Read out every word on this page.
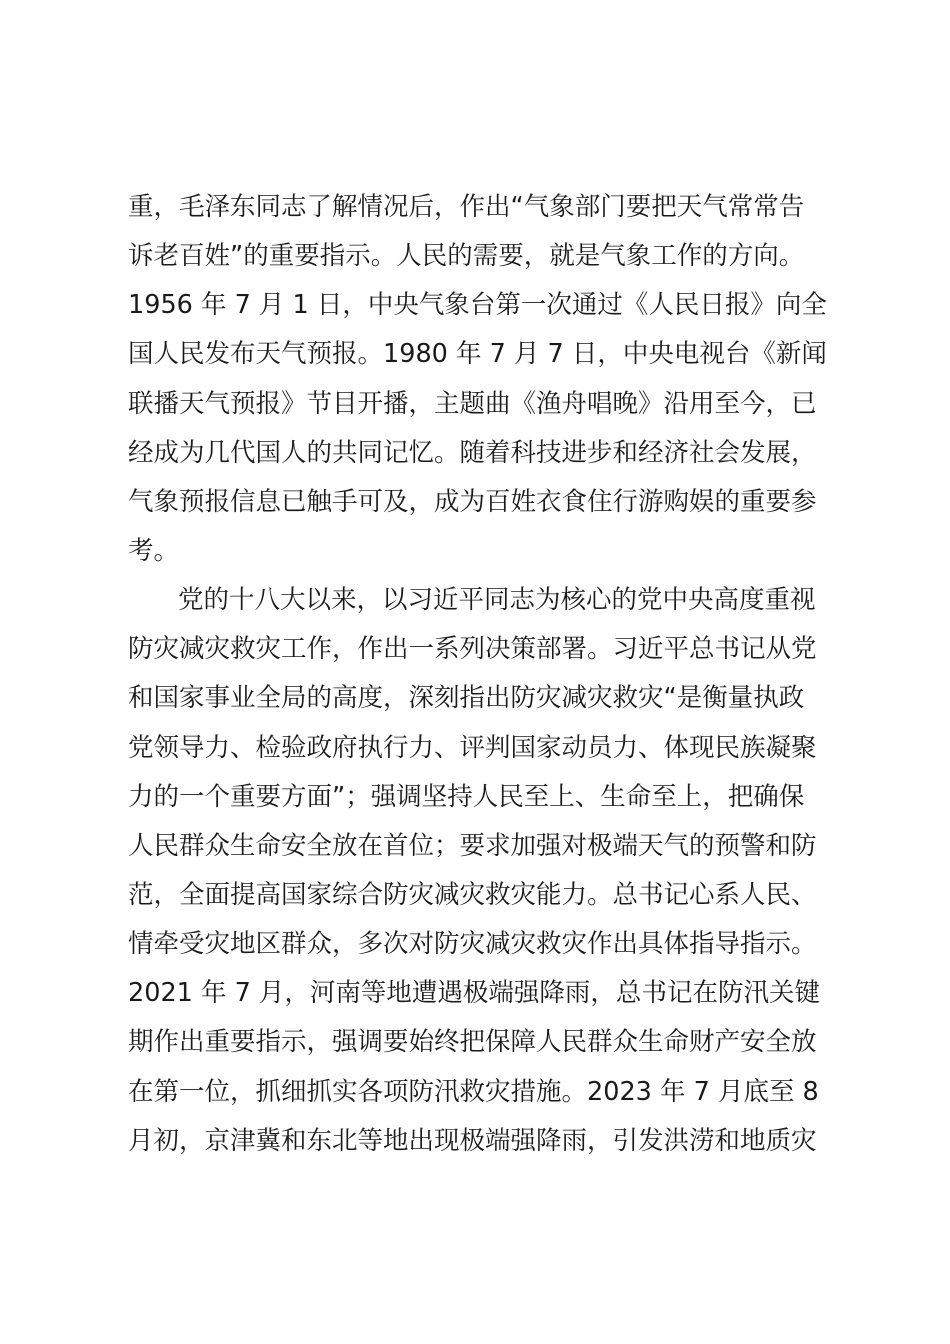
重，毛泽东同志了解情况后，作出“气象部门要把天气常常告
诉老百姓”的重要指示。人民的需要，就是气象工作的方向。
1956 年 7 月 1 日，中央气象台第一次通过《人民日报》向全
国人民发布天气预报。1980 年 7 月 7 日，中央电视台《新闻
联播天气预报》节目开播，主题曲《渔舟唱晚》沿用至今，已
经成为几代国人的共同记忆。随着科技进步和经济社会发展，
气象预报信息已触手可及，成为百姓衣食住行游购娱的重要参
考。
党的十八大以来，以习近平同志为核心的党中央高度重视
防灾减灾救灾工作，作出一系列决策部署。习近平总书记从党
和国家事业全局的高度，深刻指出防灾减灾救灾“是衡量执政
党领导力、检验政府执行力、评判国家动员力、体现民族凝聚
力的一个重要方面”；强调坚持人民至上、生命至上，把确保
人民群众生命安全放在首位；要求加强对极端天气的预警和防
范，全面提高国家综合防灾减灾救灾能力。总书记心系人民、
情牵受灾地区群众，多次对防灾减灾救灾作出具体指导指示。
2021 年 7 月，河南等地遭遇极端强降雨，总书记在防汛关键
期作出重要指示，强调要始终把保障人民群众生命财产安全放
在第一位，抓细抓实各项防汛救灾措施。2023 年 7 月底至 8
月初，京津冀和东北等地出现极端强降雨，引发洪涝和地质灾
